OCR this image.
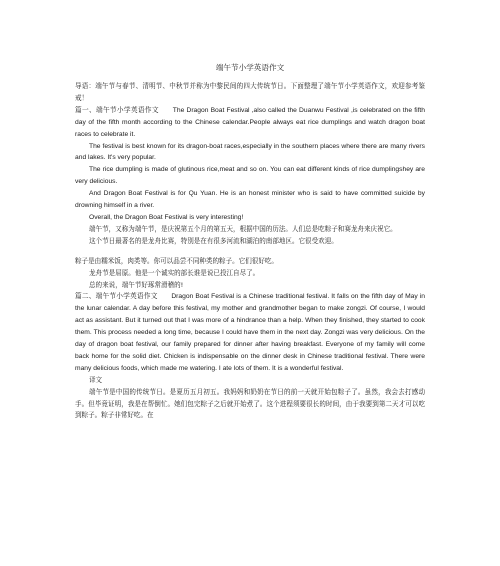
端午节小学英语作文

导语：端午节与春节、清明节、中秋节并称为中黎民间的四大传统节日。下面整理了端午节小学英语作文，欢迎参考鉴戒！

篇一、端午节小学英语作文　　The Dragon Boat Festival ,also called the Duanwu Festival ,is celebrated on the fifth day of the fifth month according to the Chinese calendar.People always eat rice dumplings and watch dragon boat races to celebrate it.

The festival is best known for its dragon-boat races,especially in the southern places where there are many rivers and lakes. It's very popular.

The rice dumpling is made of glutinous rice,meat and so on. You can eat different kinds of rice dumplingshey are very delicious.

And Dragon Boat Festival is for Qu Yuan. He is an honest minister who is said to have committed suicide by drowning himself in a river.

Overall, the Dragon Boat Festival is very interesting!

端午节，又称为端午节，是庆祝第五个月的第五天，根据中国的历法。人们总是吃粽子和赛龙舟来庆祝它。

这个节日最著名的是龙舟比赛，特别是在有很多河流和湖泊的南部地区。它很受欢迎。

粽子是由糯米饭，肉类等。你可以品尝不同种类的粽子。它们很好吃。

龙舟节是屈原。他是一个诚实的部长谁是说已投江自尽了。

总的来说，端午节好琢常滑稽的!

篇二、端午节小学英语作文　　Dragon Boat Festival is a Chinese traditional festival. It falls on the fifth day of May in the lunar calendar. A day before this festival, my mother and grandmother began to make zongzi. Of course, I would act as assistant. But it turned out that I was more of a hindrance than a help. When they finished, they started to cook them. This process needed a long time, because I could have them in the next day. Zongzi was very delicious. On the day of dragon boat festival, our family prepared for dinner after having breakfast. Everyone of my family will come back home for the solid diet. Chicken is indispensable on the dinner desk in Chinese traditional festival. There were many delicious foods, which made me watering. I ate lots of them. It is a wonderful festival.

译文

端午节是中国的传统节日。是夏历五月初五。我妈妈和奶奶在节日的前一天就开始包粽子了。虽然，我会去打感动手。但毕竟证明，我是在帮倒忙。她们包完粽子之后就开始煮了。这个进程须要很长的时间，由于我要到第二天才可以吃到粽子。粽子非常好吃。在
